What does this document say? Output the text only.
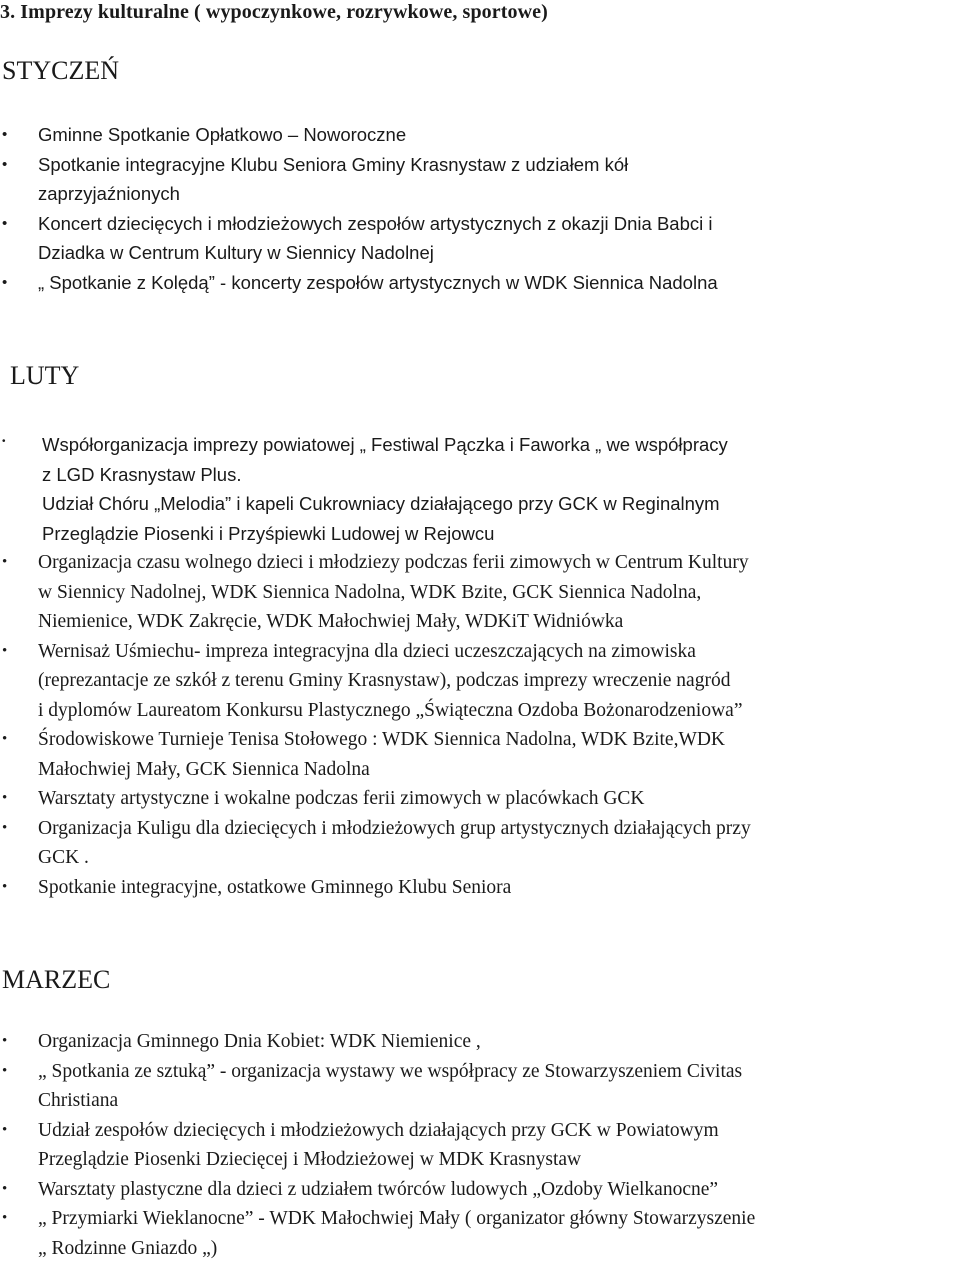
3. Imprezy kulturalne ( wypoczynkowe, rozrywkowe, sportowe)
STYCZEŃ
•	Gminne Spotkanie Opłatkowo – Noworoczne
•	Spotkanie integracyjne Klubu Seniora Gminy Krasnystaw z udziałem kół
zaprzyjaźnionych
•	Koncert dziecięcych i młodzieżowych zespołów artystycznych z okazji Dnia Babci i
Dziadka w Centrum Kultury w Siennicy Nadolnej
•	„ Spotkanie z Kolędą” - koncerty zespołów artystycznych w WDK Siennica Nadolna
LUTY
•	Współorganizacja imprezy powiatowej „ Festiwal Pączka i Faworka „ we współpracy
z LGD Krasnystaw Plus.
Udział Chóru „Melodia” i kapeli Cukrowniacy działającego przy GCK w Reginalnym
Przeglądzie Piosenki i Przyśpiewki Ludowej w Rejowcu
•	Organizacja czasu wolnego dzieci i młodziezy podczas ferii zimowych w Centrum Kultury
w Siennicy Nadolnej, WDK Siennica Nadolna, WDK Bzite, GCK Siennica Nadolna,
Niemienice, WDK Zakręcie, WDK Małochwiej Mały, WDKiT Widniówka
•	Wernisaż Uśmiechu- impreza integracyjna dla dzieci uczeszczających na zimowiska
(reprezantacje ze szkół z terenu Gminy Krasnystaw), podczas imprezy wreczenie nagród
i dyplomów Laureatom Konkursu Plastycznego „Świąteczna Ozdoba Bożonarodzeniowa”
•	Środowiskowe Turnieje Tenisa Stołowego : WDK Siennica Nadolna, WDK Bzite,WDK
Małochwiej Mały, GCK Siennica Nadolna
•	Warsztaty artystyczne i wokalne podczas ferii zimowych w placówkach GCK
•	Organizacja Kuligu dla dziecięcych i młodzieżowych grup artystycznych działających przy
GCK .
•	Spotkanie integracyjne, ostatkowe Gminnego Klubu Seniora
MARZEC
•	Organizacja Gminnego Dnia Kobiet: WDK Niemienice ,
•	„ Spotkania ze sztuką” - organizacja wystawy we współpracy ze Stowarzyszeniem Civitas
Christiana
•	Udział zespołów dziecięcych i młodzieżowych działających przy GCK w Powiatowym
Przeglądzie Piosenki Dziecięcej i Młodzieżowej w MDK Krasnystaw
•	Warsztaty plastyczne dla dzieci z udziałem twórców ludowych „Ozdoby Wielkanocne”
•	„ Przymiarki Wieklanocne” - WDK Małochwiej Mały ( organizator główny Stowarzyszenie
„ Rodzinne Gniazdo „)
